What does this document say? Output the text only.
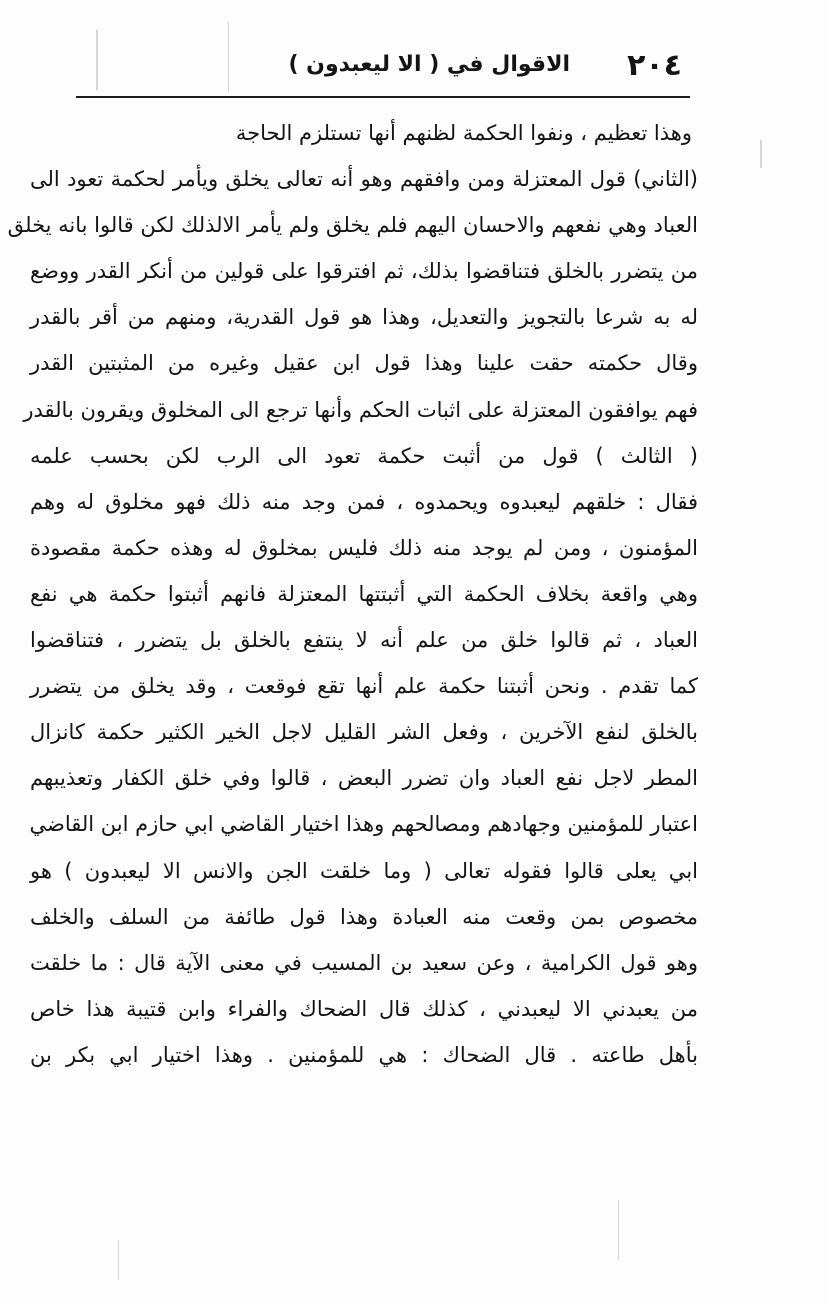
٢٠٤
الاقوال في ( الا ليعبدون )
وهذا تعظيم ، ونفوا الحكمة لظنهم أنها تستلزم الحاجة
(الثاني) قول المعتزلة ومن وافقهم وهو أنه تعالى يخلق ويأمر لحكمة تعود الى
العباد وهي نفعهم والاحسان اليهم فلم يخلق ولم يأمر الالذلك لكن قالوا بانه يخلق
من يتضرر بالخلق فتناقضوا بذلك، ثم افترقوا على قولين من أنكر القدر ووضع
له به شرعا بالتجويز والتعديل، وهذا هو قول القدرية، ومنهم من أقر بالقدر
وقال حكمته حقت علينا وهذا قول ابن عقيل وغيره من المثبتين القدر
فهم يوافقون المعتزلة على اثبات الحكم وأنها ترجع الى المخلوق ويقرون بالقدر
( الثالث ) قول من أثبت حكمة تعود الى الرب لكن بحسب علمه
فقال : خلقهم ليعبدوه ويحمدوه ، فمن وجد منه ذلك فهو مخلوق له وهم
المؤمنون ، ومن لم يوجد منه ذلك فليس بمخلوق له وهذه حكمة مقصودة
وهي واقعة بخلاف الحكمة التي أثبتتها المعتزلة فانهم أثبتوا حكمة هي نفع
العباد ، ثم قالوا خلق من علم أنه لا ينتفع بالخلق بل يتضرر ، فتناقضوا
كما تقدم . ونحن أثبتنا حكمة علم أنها تقع فوقعت ، وقد يخلق من يتضرر
بالخلق لنفع الآخرين ، وفعل الشر القليل لاجل الخير الكثير حكمة كانزال
المطر لاجل نفع العباد وان تضرر البعض ، قالوا وفي خلق الكفار وتعذيبهم
اعتبار للمؤمنين وجهادهم ومصالحهم وهذا اختيار القاضي ابي حازم ابن القاضي
ابي يعلى قالوا فقوله تعالى ( وما خلقت الجن والانس الا ليعبدون ) هو
مخصوص بمن وقعت منه العبادة وهذا قول طائفة من السلف والخلف
وهو قول الكرامية ، وعن سعيد بن المسيب في معنى الآية قال : ما خلقت
من يعبدني الا ليعبدني ، كذلك قال الضحاك والفراء وابن قتيبة هذا خاص
بأهل طاعته . قال الضحاك : هي للمؤمنين . وهذا اختيار ابي بكر بن
